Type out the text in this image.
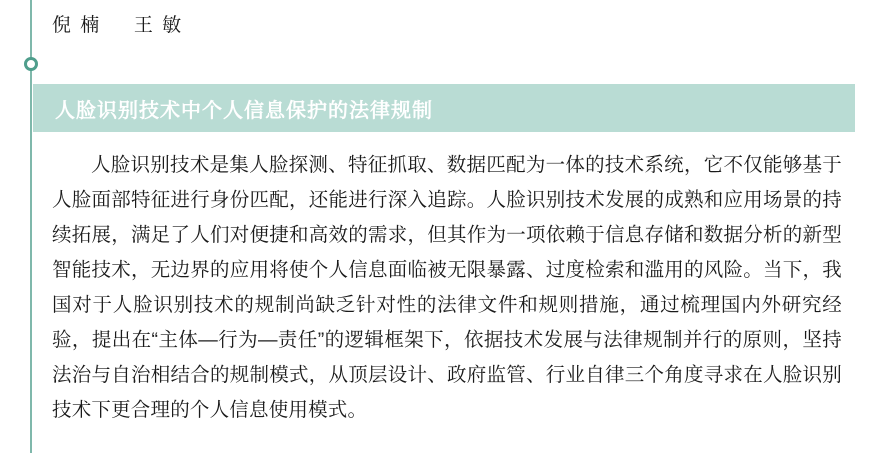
倪 楠 王 敏
人脸识别技术中个人信息保护的法律规制
人脸识别技术是集人脸探测、特征抓取、数据匹配为一体的技术系统，它不仅能够基于人脸面部特征进行身份匹配，还能进行深入追踪。人脸识别技术发展的成熟和应用场景的持续拓展，满足了人们对便捷和高效的需求，但其作为一项依赖于信息存储和数据分析的新型智能技术，无边界的应用将使个人信息面临被无限暴露、过度检索和滥用的风险。当下，我国对于人脸识别技术的规制尚缺乏针对性的法律文件和规则措施，通过梳理国内外研究经验，提出在“主体—行为—责任”的逻辑框架下，依据技术发展与法律规制并行的原则，坚持法治与自治相结合的规制模式，从顶层设计、政府监管、行业自律三个角度寻求在人脸识别技术下更合理的个人信息使用模式。
